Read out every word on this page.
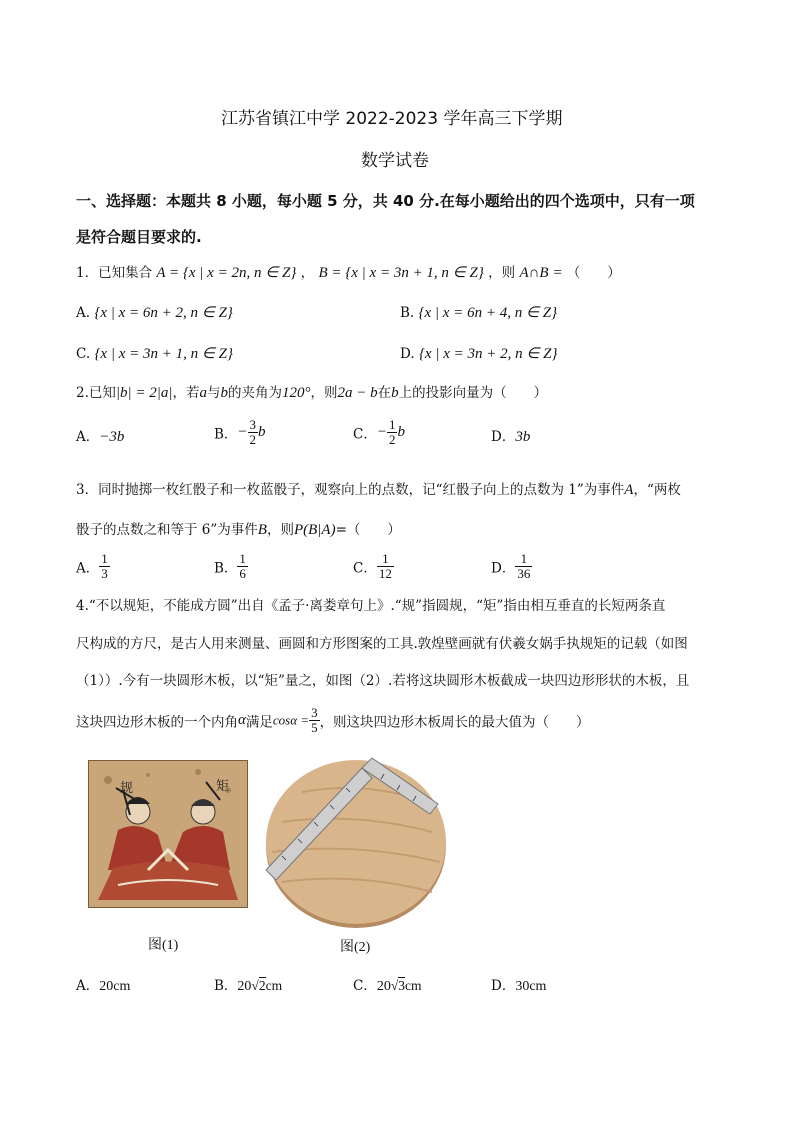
江苏省镇江中学 2022-2023 学年高三下学期
数学试卷
一、选择题：本题共 8 小题，每小题 5 分，共 40 分.在每小题给出的四个选项中，只有一项
是符合题目要求的.
1．已知集合 A = {x | x = 2n, n ∈ Z} ， B = {x | x = 3n + 1, n ∈ Z} ，则 A∩B = （　　）
A. {x | x = 6n + 2, n ∈ Z}	B. {x | x = 6n + 4, n ∈ Z}
C. {x | x = 3n + 1, n ∈ Z}	D. {x | x = 3n + 2, n ∈ Z}
2.已知|b| = 2|a|，若a与b的夹角为120°，则2a − b在b上的投影向量为（　　）
A．−3b	B．− $\frac{3}{2}$ b	C．− $\frac{1}{2}$ b	D．3b
3．同时抛掷一枚红骰子和一枚蓝骰子，观察向上的点数，记“红骰子向上的点数为 1”为事件A，“两枚
骰子的点数之和等于 6”为事件B，则P(B|A)=（　　）
A． $\frac{1}{3}$	B． $\frac{1}{6}$	C． $\frac{1}{12}$	D． $\frac{1}{36}$
4.“不以规矩，不能成方圆”出自《孟子·离娄章句上》.“规”指圆规，“矩”指由相互垂直的长短两条直
尺构成的方尺，是古人用来测量、画圆和方形图案的工具.敦煌壁画就有伏羲女娲手执规矩的记载（如图
（1））.今有一块圆形木板，以“矩”量之，如图（2）.若将这块圆形木板截成一块四边形形状的木板，且
这块四边形木板的一个内角α满足$\cos\alpha = \frac{3}{5}$ ，则这块四边形木板周长的最大值为（　　）
规	矩
图(1)	图(2)
A．20cm	B．20√2cm	C．20√3cm	D．30cm
